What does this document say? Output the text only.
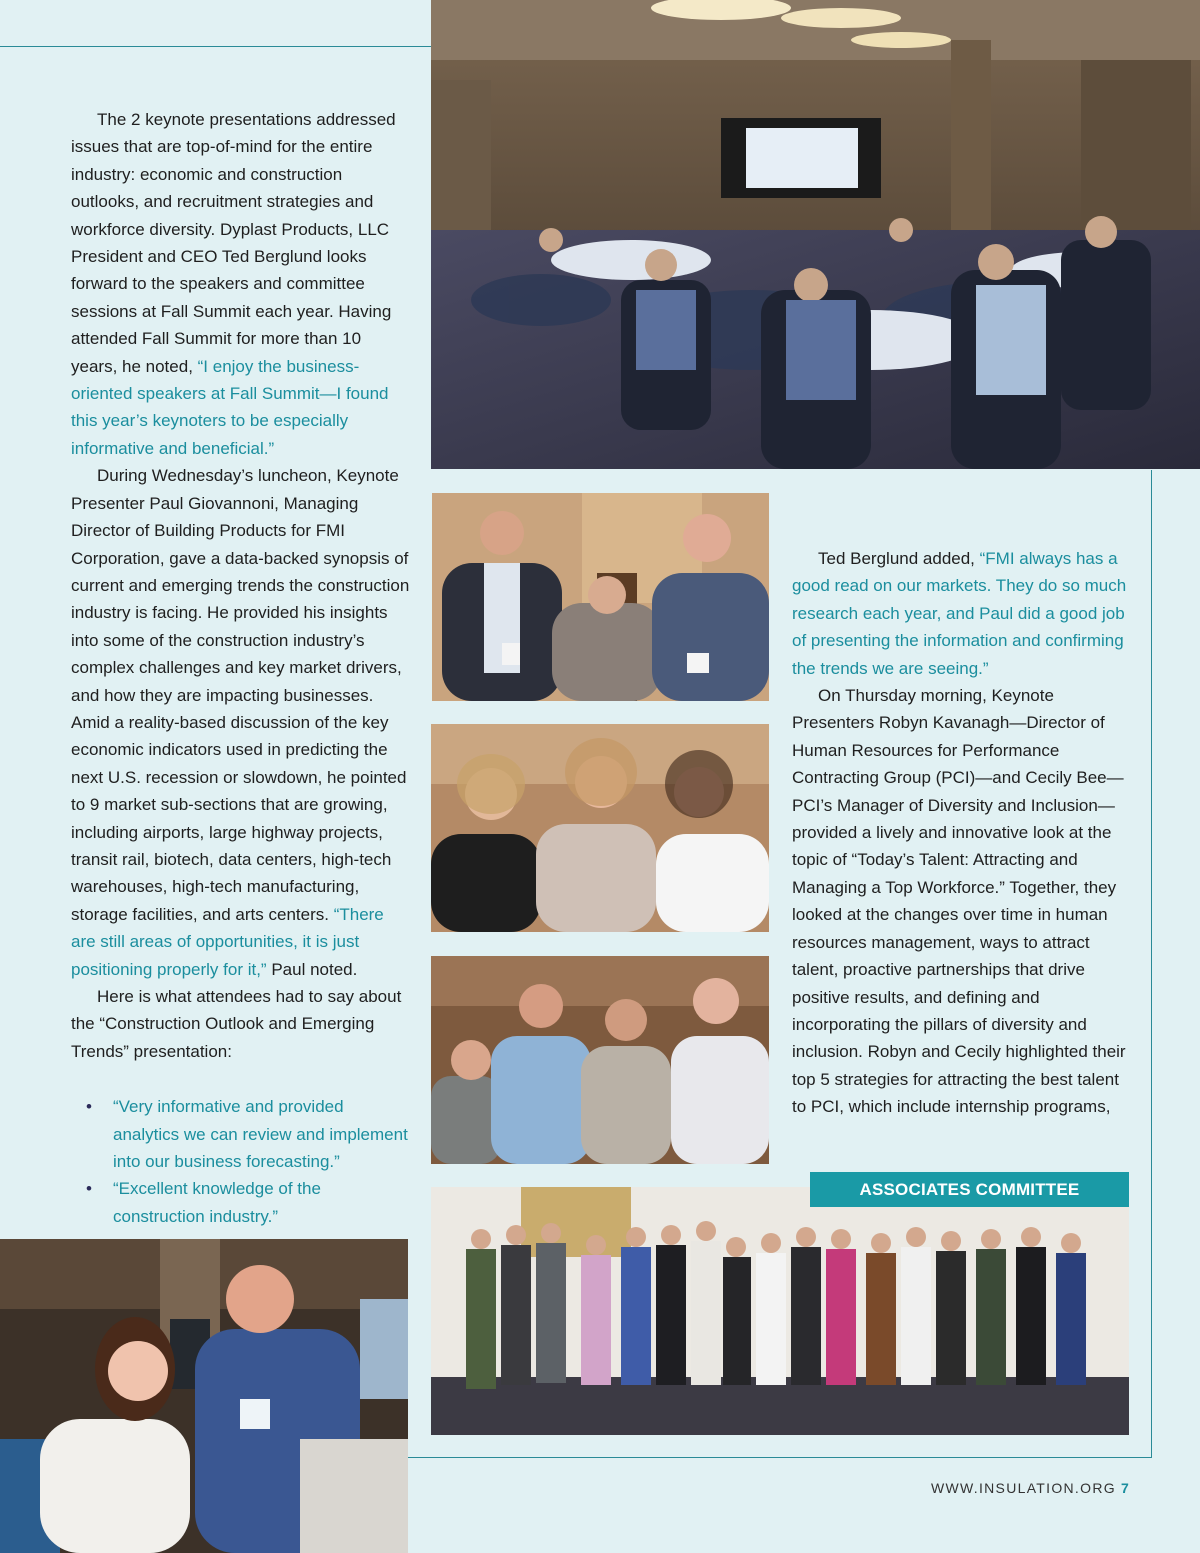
The 2 keynote presentations addressed issues that are top-of-mind for the entire industry: economic and construction outlooks, and recruitment strategies and workforce diversity. Dyplast Products, LLC President and CEO Ted Berglund looks forward to the speakers and committee sessions at Fall Summit each year. Having attended Fall Summit for more than 10 years, he noted, “I enjoy the business-oriented speakers at Fall Summit—I found this year’s keynoters to be especially informative and beneficial.”

During Wednesday’s luncheon, Keynote Presenter Paul Giovannoni, Managing Director of Building Products for FMI Corporation, gave a data-backed synopsis of current and emerging trends the construction industry is facing. He provided his insights into some of the construction industry’s complex challenges and key market drivers, and how they are impacting businesses. Amid a reality-based discussion of the key economic indicators used in predicting the next U.S. recession or slowdown, he pointed to 9 market sub-sections that are growing, including airports, large highway projects, transit rail, biotech, data centers, high-tech warehouses, high-tech manufacturing, storage facilities, and arts centers. “There are still areas of opportunities, it is just positioning properly for it,” Paul noted.

Here is what attendees had to say about the “Construction Outlook and Emerging Trends” presentation:

• “Very informative and provided analytics we can review and implement into our business forecasting.”
• “Excellent knowledge of the construction industry.”

Ted Berglund added, “FMI always has a good read on our markets. They do so much research each year, and Paul did a good job of presenting the information and confirming the trends we are seeing.”

On Thursday morning, Keynote Presenters Robyn Kavanagh—Director of Human Resources for Performance Contracting Group (PCI)—and Cecily Bee—PCI’s Manager of Diversity and Inclusion—provided a lively and innovative look at the topic of “Today’s Talent: Attracting and Managing a Top Workforce.” Together, they looked at the changes over time in human resources management, ways to attract talent, proactive partnerships that drive positive results, and defining and incorporating the pillars of diversity and inclusion. Robyn and Cecily highlighted their top 5 strategies for attracting the best talent to PCI, which include internship programs,

ASSOCIATES COMMITTEE
WWW.INSULATION.ORG 7
